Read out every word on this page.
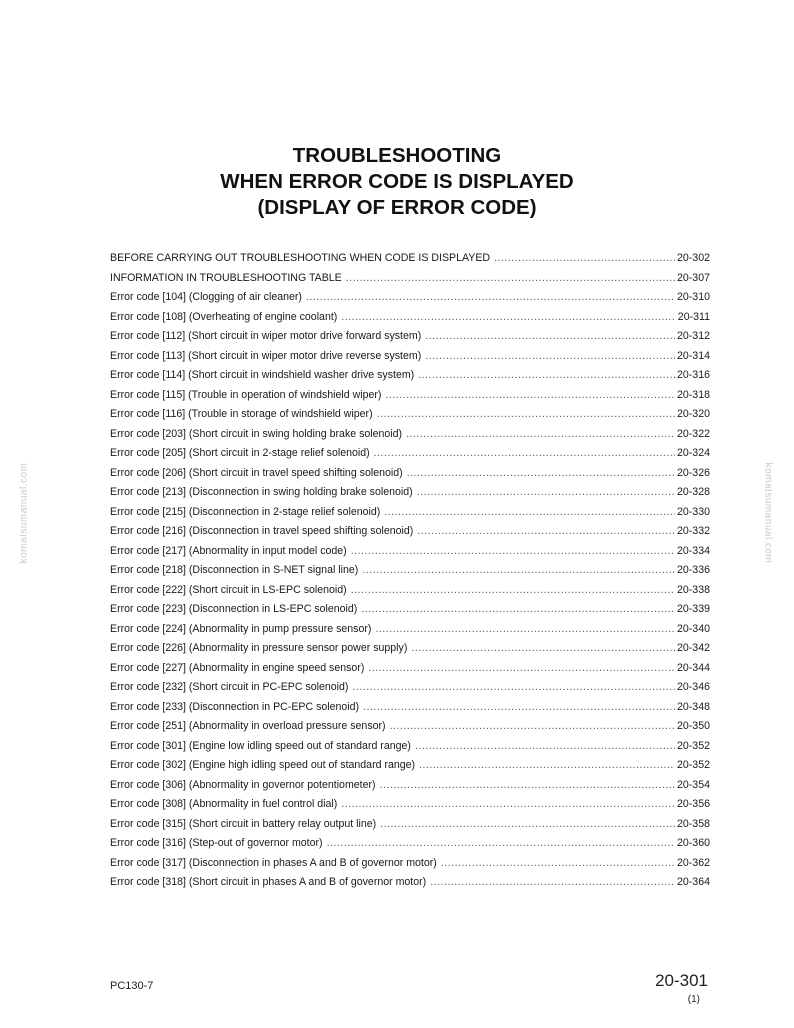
TROUBLESHOOTING
WHEN ERROR CODE IS DISPLAYED
(DISPLAY OF ERROR CODE)
BEFORE CARRYING OUT TROUBLESHOOTING WHEN CODE IS DISPLAYED .....	20-302
INFORMATION IN TROUBLESHOOTING TABLE .....	20-307
Error code [104] (Clogging of air cleaner) .....	20-310
Error code [108] (Overheating of engine coolant) .....	20-311
Error code [112] (Short circuit in wiper motor drive forward system) .....	20-312
Error code [113] (Short circuit in wiper motor drive reverse system) .....	20-314
Error code [114] (Short circuit in windshield washer drive system) .....	20-316
Error code [115] (Trouble in operation of windshield wiper) .....	20-318
Error code [116] (Trouble in storage of windshield wiper) .....	20-320
Error code [203] (Short circuit in swing holding brake solenoid) .....	20-322
Error code [205] (Short circuit in 2-stage relief solenoid) .....	20-324
Error code [206] (Short circuit in travel speed shifting solenoid) .....	20-326
Error code [213] (Disconnection in swing holding brake solenoid) .....	20-328
Error code [215] (Disconnection in 2-stage relief solenoid) .....	20-330
Error code [216] (Disconnection in travel speed shifting solenoid) .....	20-332
Error code [217] (Abnormality in input model code) .....	20-334
Error code [218] (Disconnection in S-NET signal line) .....	20-336
Error code [222] (Short circuit in LS-EPC solenoid) .....	20-338
Error code [223] (Disconnection in LS-EPC solenoid) .....	20-339
Error code [224] (Abnormality in pump pressure sensor) .....	20-340
Error code [226] (Abnormality in pressure sensor power supply) .....	20-342
Error code [227] (Abnormality in engine speed sensor) .....	20-344
Error code [232] (Short circuit in PC-EPC solenoid) .....	20-346
Error code [233] (Disconnection in PC-EPC solenoid) .....	20-348
Error code [251] (Abnormality in overload pressure sensor) .....	20-350
Error code [301] (Engine low idling speed out of standard range) .....	20-352
Error code [302] (Engine high idling speed out of standard range) .....	20-352
Error code [306] (Abnormality in governor potentiometer) .....	20-354
Error code [308] (Abnormality in fuel control dial) .....	20-356
Error code [315] (Short circuit in battery relay output line) .....	20-358
Error code [316] (Step-out of governor motor) .....	20-360
Error code [317] (Disconnection in phases A and B of governor motor) .....	20-362
Error code [318] (Short circuit in phases A and B of governor motor) .....	20-364
komatsumanual.com	komatsumanual.com
PC130-7	20-301
(1)
